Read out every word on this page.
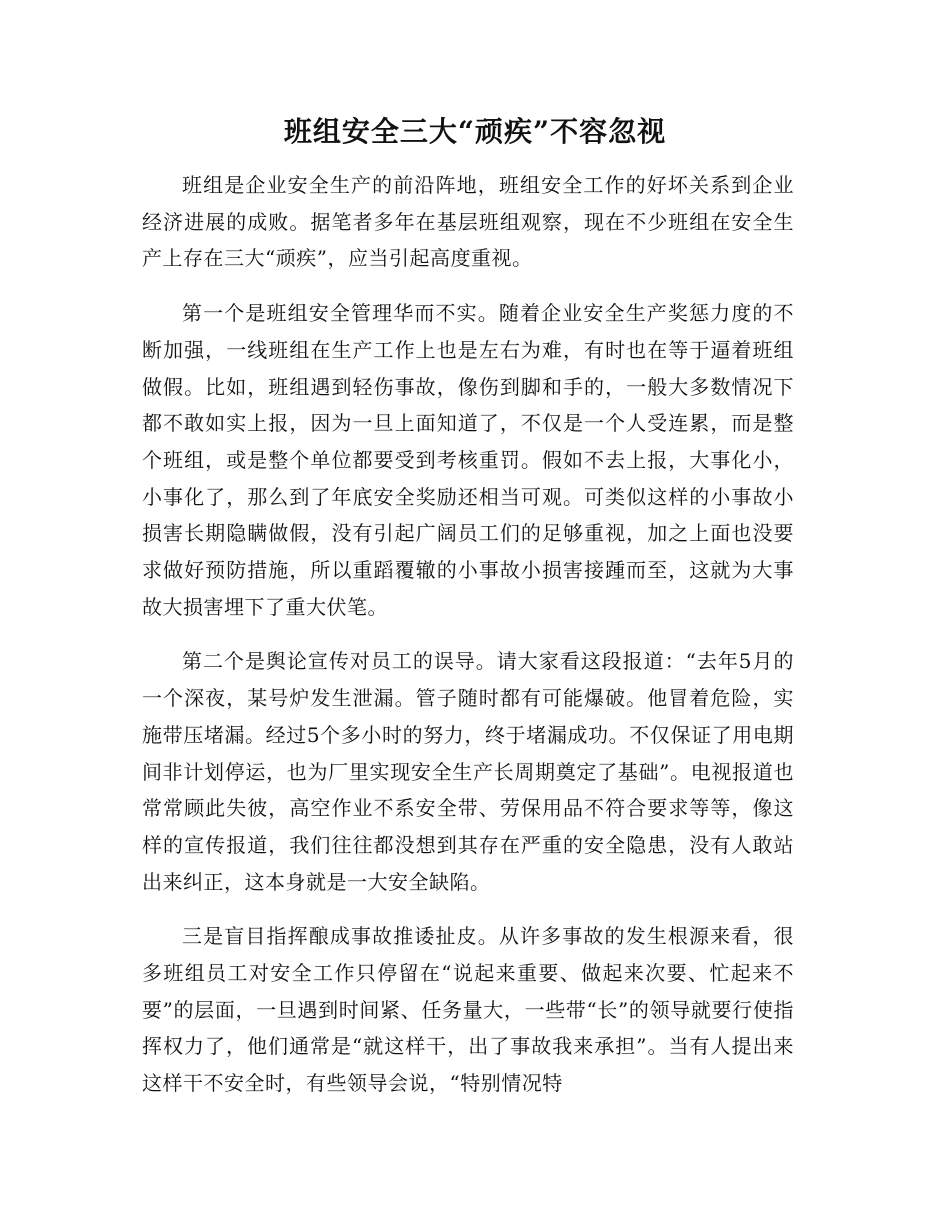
班组安全三大“顽疾”不容忽视

班组是企业安全生产的前沿阵地，班组安全工作的好坏关系到企业经济进展的成败。据笔者多年在基层班组观察，现在不少班组在安全生产上存在三大“顽疾”，应当引起高度重视。

第一个是班组安全管理华而不实。随着企业安全生产奖惩力度的不断加强，一线班组在生产工作上也是左右为难，有时也在等于逼着班组做假。比如，班组遇到轻伤事故，像伤到脚和手的，一般大多数情况下都不敢如实上报，因为一旦上面知道了，不仅是一个人受连累，而是整个班组，或是整个单位都要受到考核重罚。假如不去上报，大事化小，小事化了，那么到了年底安全奖励还相当可观。可类似这样的小事故小损害长期隐瞒做假，没有引起广阔员工们的足够重视，加之上面也没要求做好预防措施，所以重蹈覆辙的小事故小损害接踵而至，这就为大事故大损害埋下了重大伏笔。

第二个是舆论宣传对员工的误导。请大家看这段报道：“去年5月的一个深夜，某号炉发生泄漏。管子随时都有可能爆破。他冒着危险，实施带压堵漏。经过5个多小时的努力，终于堵漏成功。不仅保证了用电期间非计划停运，也为厂里实现安全生产长周期奠定了基础”。电视报道也常常顾此失彼，高空作业不系安全带、劳保用品不符合要求等等，像这样的宣传报道，我们往往都没想到其存在严重的安全隐患，没有人敢站出来纠正，这本身就是一大安全缺陷。

三是盲目指挥酿成事故推诿扯皮。从许多事故的发生根源来看，很多班组员工对安全工作只停留在“说起来重要、做起来次要、忙起来不要”的层面，一旦遇到时间紧、任务量大，一些带“长”的领导就要行使指挥权力了，他们通常是“就这样干，出了事故我来承担”。当有人提出来这样干不安全时，有些领导会说，“特别情况特
